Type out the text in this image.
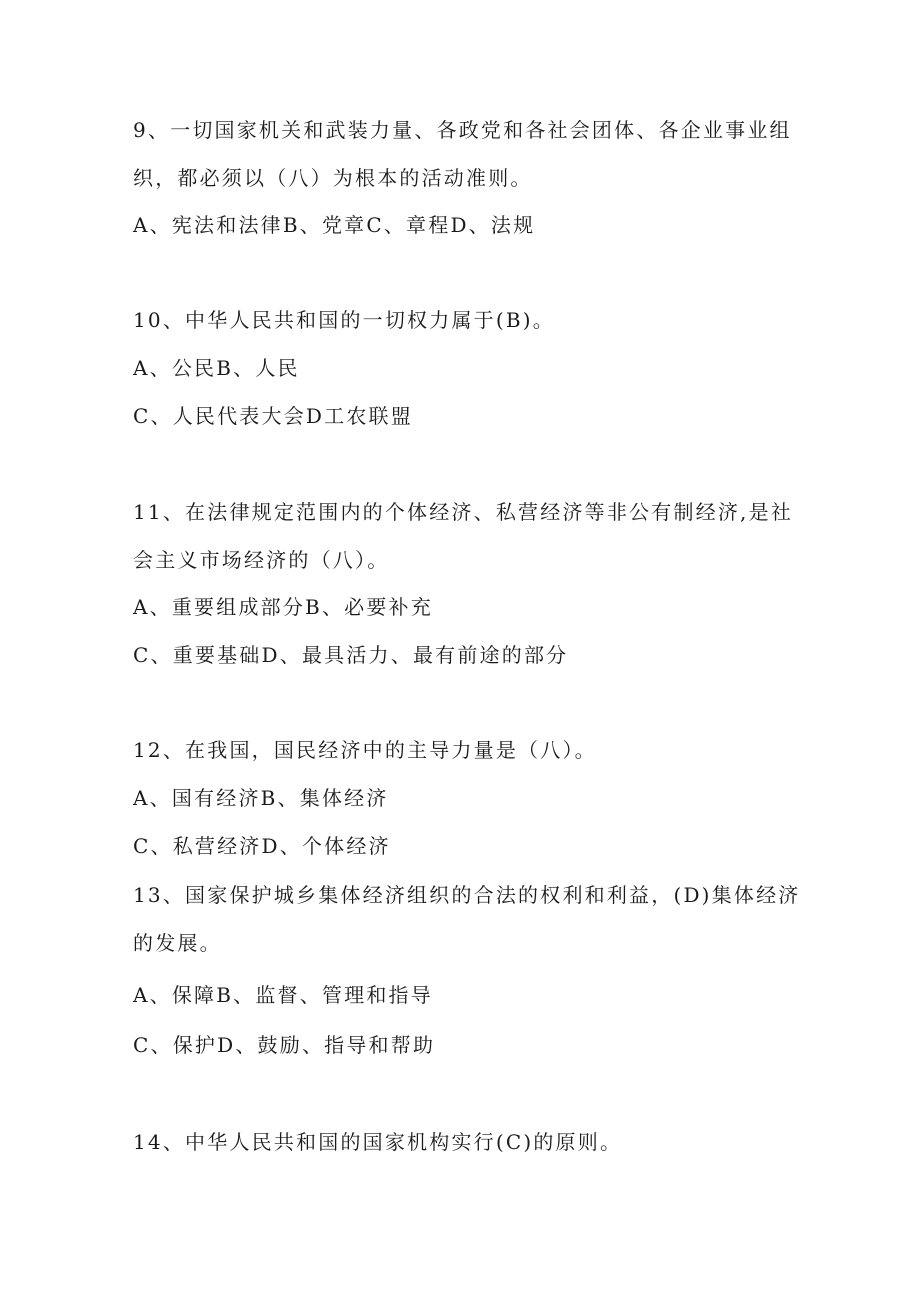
9、一切国家机关和武装力量、各政党和各社会团体、各企业事业组

织，都必须以（八）为根本的活动准则。

A、宪法和法律B、党章C、章程D、法规

10、中华人民共和国的一切权力属于(B)。

A、公民B、人民

C、人民代表大会D工农联盟

11、在法律规定范围内的个体经济、私营经济等非公有制经济,是社

会主义市场经济的（八）。

A、重要组成部分B、必要补充

C、重要基础D、最具活力、最有前途的部分

12、在我国，国民经济中的主导力量是（八）。

A、国有经济B、集体经济

C、私营经济D、个体经济

13、国家保护城乡集体经济组织的合法的权利和利益，(D)集体经济

的发展。

A、保障B、监督、管理和指导

C、保护D、鼓励、指导和帮助

14、中华人民共和国的国家机构实行(C)的原则。
